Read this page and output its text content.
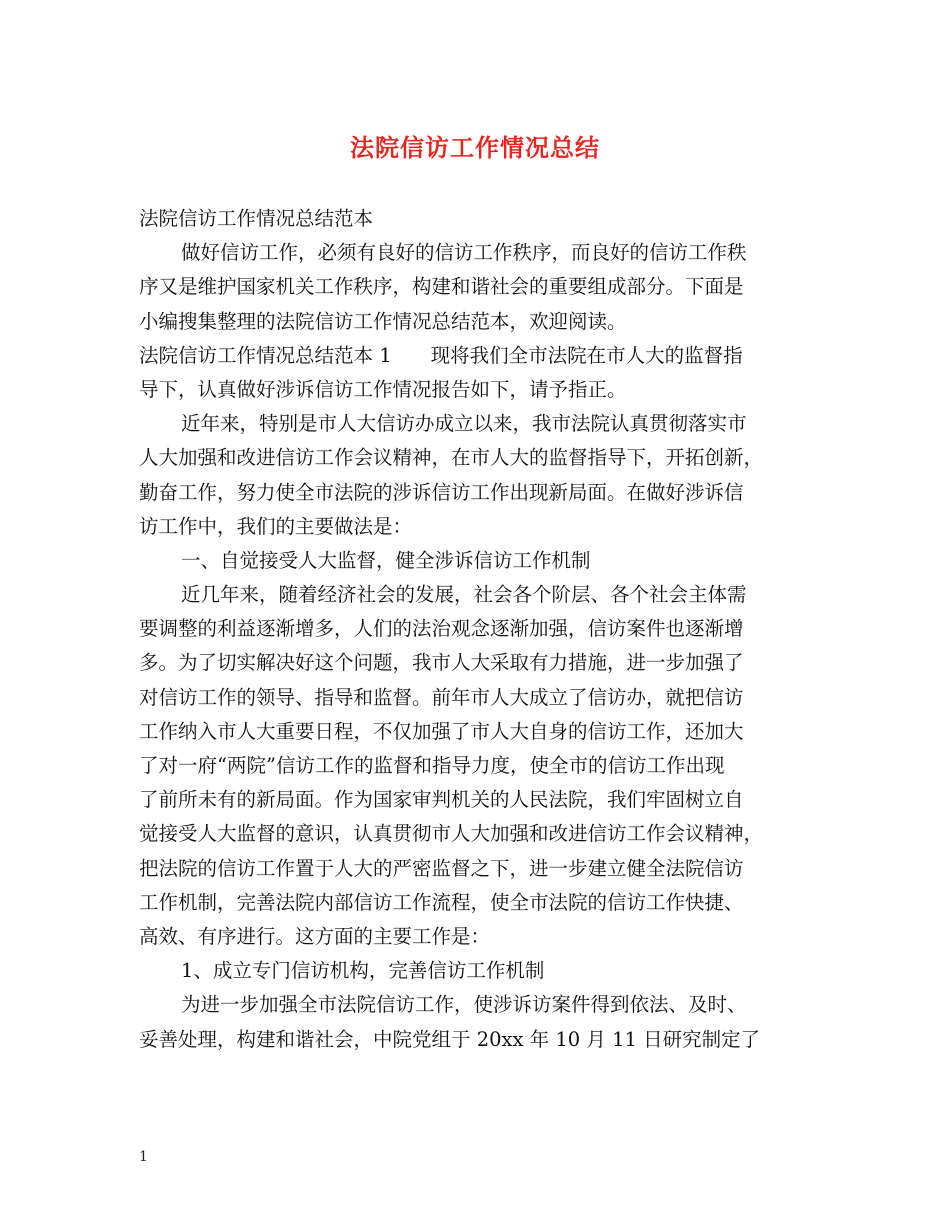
法院信访工作情况总结
法院信访工作情况总结范本
做好信访工作，必须有良好的信访工作秩序，而良好的信访工作秩
序又是维护国家机关工作秩序，构建和谐社会的重要组成部分。下面是
小编搜集整理的法院信访工作情况总结范本，欢迎阅读。
法院信访工作情况总结范本 1　　现将我们全市法院在市人大的监督指
导下，认真做好涉诉信访工作情况报告如下，请予指正。
近年来，特别是市人大信访办成立以来，我市法院认真贯彻落实市
人大加强和改进信访工作会议精神，在市人大的监督指导下，开拓创新，
勤奋工作，努力使全市法院的涉诉信访工作出现新局面。在做好涉诉信
访工作中，我们的主要做法是：
一、自觉接受人大监督，健全涉诉信访工作机制
近几年来，随着经济社会的发展，社会各个阶层、各个社会主体需
要调整的利益逐渐增多，人们的法治观念逐渐加强，信访案件也逐渐增
多。为了切实解决好这个问题，我市人大采取有力措施，进一步加强了
对信访工作的领导、指导和监督。前年市人大成立了信访办，就把信访
工作纳入市人大重要日程，不仅加强了市人大自身的信访工作，还加大
了对一府“两院”信访工作的监督和指导力度，使全市的信访工作出现
了前所未有的新局面。作为国家审判机关的人民法院，我们牢固树立自
觉接受人大监督的意识，认真贯彻市人大加强和改进信访工作会议精神，
把法院的信访工作置于人大的严密监督之下，进一步建立健全法院信访
工作机制，完善法院内部信访工作流程，使全市法院的信访工作快捷、
高效、有序进行。这方面的主要工作是：
1、成立专门信访机构，完善信访工作机制
为进一步加强全市法院信访工作，使涉诉访案件得到依法、及时、
妥善处理，构建和谐社会，中院党组于 20xx 年 10 月 11 日研究制定了
1
